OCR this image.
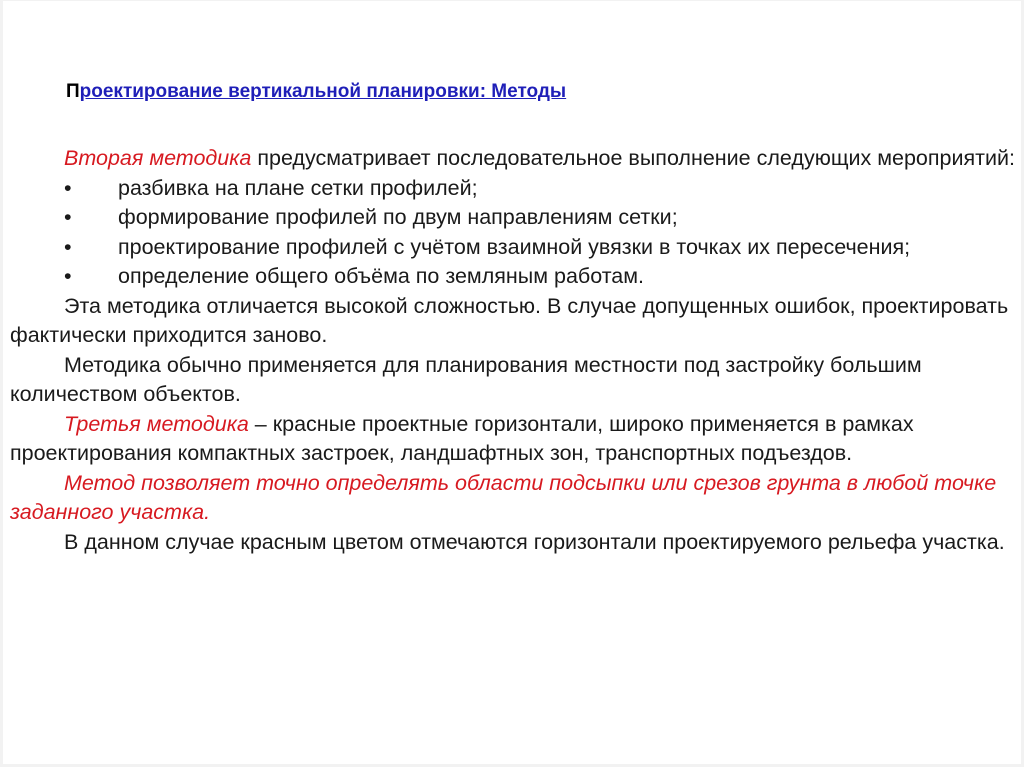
Проектирование вертикальной планировки: Методы

Вторая методика предусматривает последовательное выполнение следующих мероприятий:

• разбивка на плане сетки профилей;

• формирование профилей по двум направлениям сетки;

• проектирование профилей с учётом взаимной увязки в точках их пересечения;

• определение общего объёма по земляным работам.

Эта методика отличается высокой сложностью. В случае допущенных ошибок, проектировать фактически приходится заново.

Методика обычно применяется для планирования местности под застройку большим количеством объектов.

Третья методика – красные проектные горизонтали, широко применяется в рамках проектирования компактных застроек, ландшафтных зон, транспортных подъездов.

Метод позволяет точно определять области подсыпки или срезов грунта в любой точке заданного участка.

В данном случае красным цветом отмечаются горизонтали проектируемого рельефа участка.
